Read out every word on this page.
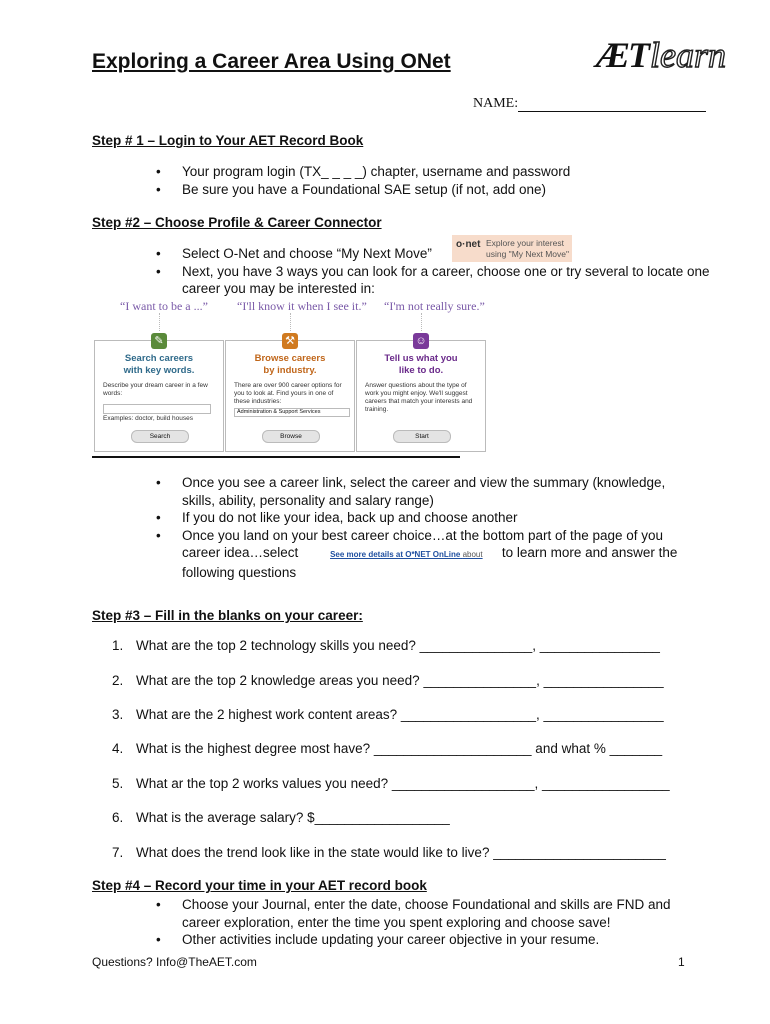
Exploring a Career Area Using ONet	ÆTlearn
NAME:
Step # 1 – Login to Your AET Record Book
• Your program login (TX_ _ _ _) chapter, username and password
• Be sure you have a Foundational SAE setup (if not, add one)
Step #2 – Choose Profile & Career Connector
• Select O-Net and choose “My Next Move”
• Next, you have 3 ways you can look for a career, choose one or try several to locate one career you may be interested in:
o·net Explore your interest
using "My Next Move"
“I want to be a ...” “I'll know it when I see it.” “I'm not really sure.”
✎
Search careers
with key words.
Describe your dream career in a few words:
Examples: doctor, build houses
Search
⚒
Browse careers
by industry.
There are over 900 career options for you to look at. Find yours in one of these industries:
Administration & Support Services
Browse
☺
Tell us what you
like to do.
Answer questions about the type of work you might enjoy. We'll suggest careers that match your interests and training.
Start
• Once you see a career link, select the career and view the summary (knowledge, skills, ability, personality and salary range)
• If you do not like your idea, back up and choose another
• Once you land on your best career choice…at the bottom part of the page of you
career idea…select	See more details at O*NET OnLine about to learn more and answer the
following questions
Step #3 – Fill in the blanks on your career:
1. What are the top 2 technology skills you need? _______________, ________________
2. What are the top 2 knowledge areas you need? _______________, ________________
3. What are the 2 highest work content areas? __________________, ________________
4. What is the highest degree most have? _____________________ and what % _______
5. What ar the top 2 works values you need? ___________________, _________________
6. What is the average salary? $__________________
7. What does the trend look like in the state would like to live? _______________________
Step #4 – Record your time in your AET record book
• Choose your Journal, enter the date, choose Foundational and skills are FND and career exploration, enter the time you spent exploring and choose save!
• Other activities include updating your career objective in your resume.
Questions? Info@TheAET.com	1
